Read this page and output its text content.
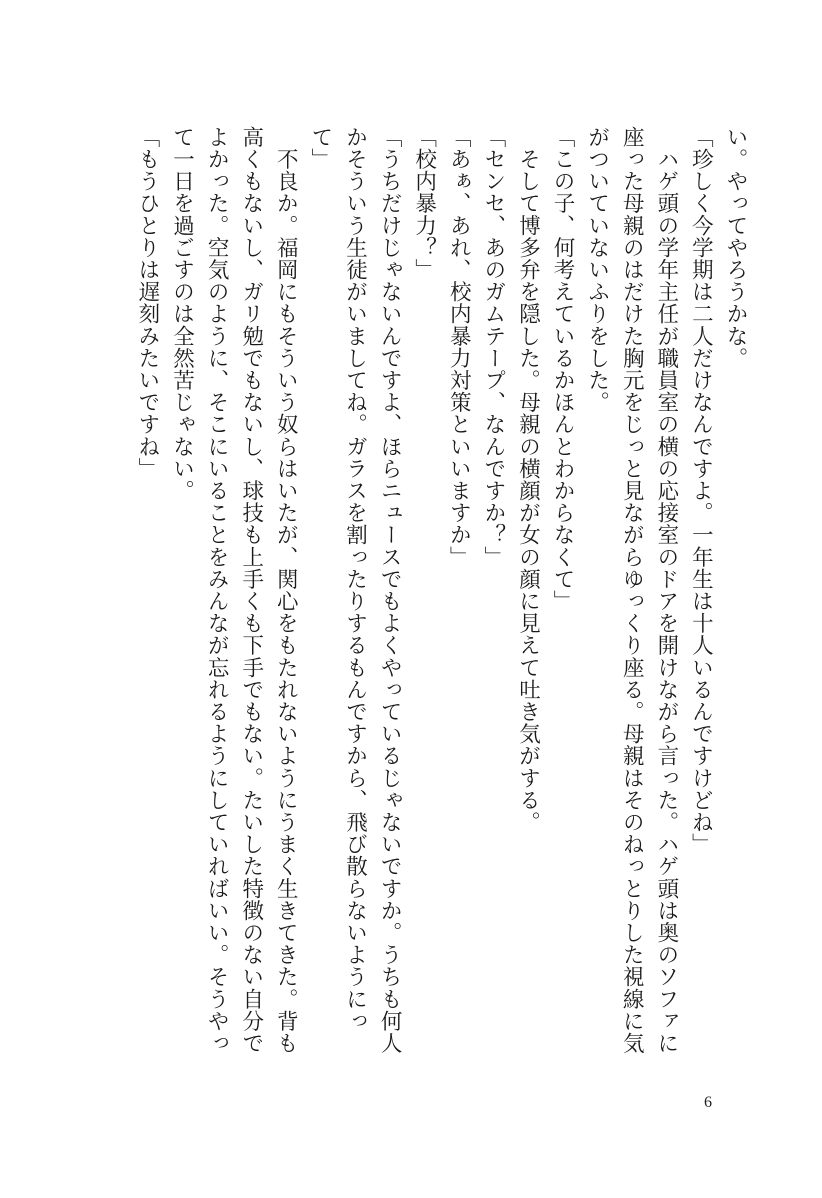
い。やってやろうかな。

「珍しく今学期は二人だけなんですよ。一年生は十人いるんですけどね」

　ハゲ頭の学年主任が職員室の横の応接室のドアを開けながら言った。ハゲ頭は奥のソファに

座った母親のはだけた胸元をじっと見ながらゆっくり座る。母親はそのねっとりした視線に気

がついていないふりをした。

「この子、何考えているかほんとわからなくて」

　そして博多弁を隠した。母親の横顔が女の顔に見えて吐き気がする。

「センセ、あのガムテープ、なんですか？」

「あぁ、あれ、校内暴力対策といいますか」

「校内暴力？」

「うちだけじゃないんですよ、ほらニュースでもよくやっているじゃないですか。うちも何人

かそういう生徒がいましてね。ガラスを割ったりするもんですから、飛び散らないようにっ

て」

　不良か。福岡にもそういう奴らはいたが、関心をもたれないようにうまく生きてきた。背も

高くもないし、ガリ勉でもないし、球技も上手くも下手でもない。たいした特徴のない自分で

よかった。空気のように、そこにいることをみんなが忘れるようにしていればいい。そうやっ

て一日を過ごすのは全然苦じゃない。

「もうひとりは遅刻みたいですね」

6
